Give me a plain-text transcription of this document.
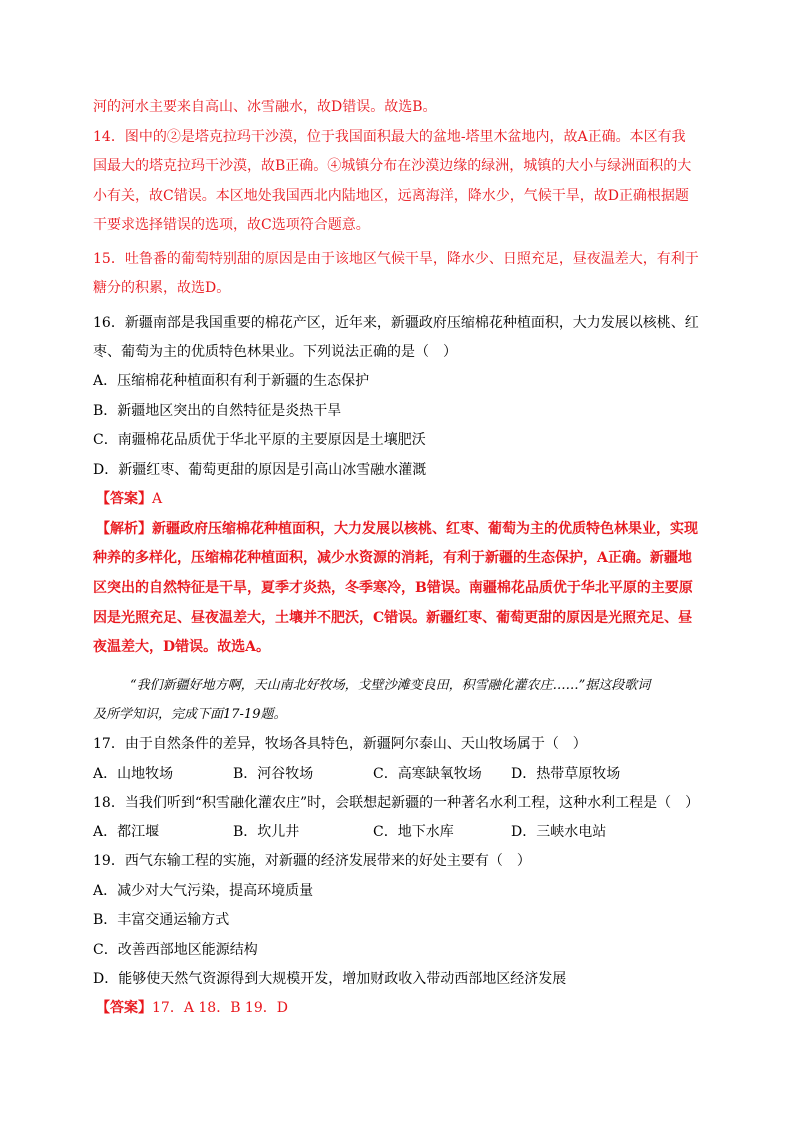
河的河水主要来自高山、冰雪融水，故D错误。故选B。
14．图中的②是塔克拉玛干沙漠，位于我国面积最大的盆地-塔里木盆地内，故A正确。本区有我
国最大的塔克拉玛干沙漠，故B正确。④城镇分布在沙漠边缘的绿洲，城镇的大小与绿洲面积的大
小有关，故C错误。本区地处我国西北内陆地区，远离海洋，降水少，气候干旱，故D正确根据题
干要求选择错误的选项，故C选项符合题意。
15．吐鲁番的葡萄特别甜的原因是由于该地区气候干旱，降水少、日照充足，昼夜温差大，有利于
糖分的积累，故选D。
16．新疆南部是我国重要的棉花产区，近年来，新疆政府压缩棉花种植面积，大力发展以核桃、红
枣、葡萄为主的优质特色林果业。下列说法正确的是（　）
A．压缩棉花种植面积有利于新疆的生态保护
B．新疆地区突出的自然特征是炎热干旱
C．南疆棉花品质优于华北平原的主要原因是土壤肥沃
D．新疆红枣、葡萄更甜的原因是引高山冰雪融水灌溉
【答案】A
【解析】新疆政府压缩棉花种植面积，大力发展以核桃、红枣、葡萄为主的优质特色林果业，实现
种养的多样化，压缩棉花种植面积，减少水资源的消耗，有利于新疆的生态保护，A正确。新疆地
区突出的自然特征是干旱，夏季才炎热，冬季寒冷，B错误。南疆棉花品质优于华北平原的主要原
因是光照充足、昼夜温差大，土壤并不肥沃，C错误。新疆红枣、葡萄更甜的原因是光照充足、昼
夜温差大，D错误。故选A。
“我们新疆好地方啊，天山南北好牧场，戈壁沙滩变良田，积雪融化灌农庄……”据这段歌词
及所学知识，完成下面17-19题。
17．由于自然条件的差异，牧场各具特色，新疆阿尔泰山、天山牧场属于（　）
A．山地牧场	B．河谷牧场	C．高寒缺氧牧场 D．热带草原牧场
18．当我们听到“积雪融化灌农庄”时，会联想起新疆的一种著名水利工程，这种水利工程是（　）
A．都江堰	B．坎儿井	C．地下水库	D．三峡水电站
19．西气东输工程的实施，对新疆的经济发展带来的好处主要有（　）
A．减少对大气污染，提高环境质量
B．丰富交通运输方式
C．改善西部地区能源结构
D．能够使天然气资源得到大规模开发，增加财政收入带动西部地区经济发展
【答案】17．A 18．B 19．D
